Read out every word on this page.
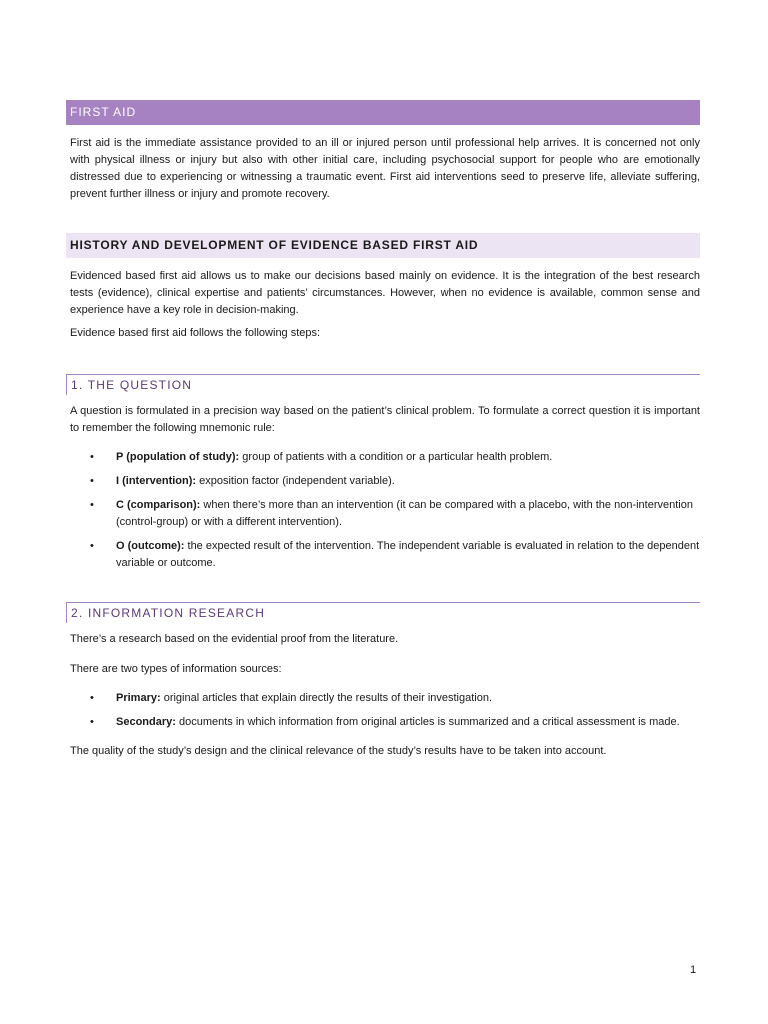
FIRST AID

First aid is the immediate assistance provided to an ill or injured person until professional help arrives. It is concerned not only with physical illness or injury but also with other initial care, including psychosocial support for people who are emotionally distressed due to experiencing or witnessing a traumatic event. First aid interventions seed to preserve life, alleviate suffering, prevent further illness or injury and promote recovery.

HISTORY AND DEVELOPMENT OF EVIDENCE BASED FIRST AID

Evidenced based first aid allows us to make our decisions based mainly on evidence. It is the integration of the best research tests (evidence), clinical expertise and patients’ circumstances. However, when no evidence is available, common sense and experience have a key role in decision-making.

Evidence based first aid follows the following steps:

1. THE QUESTION

A question is formulated in a precision way based on the patient’s clinical problem. To formulate a correct question it is important to remember the following mnemonic rule:

• P (population of study): group of patients with a condition or a particular health problem.
• I (intervention): exposition factor (independent variable).
• C (comparison): when there’s more than an intervention (it can be compared with a placebo, with the non-intervention (control-group) or with a different intervention).
• O (outcome): the expected result of the intervention. The independent variable is evaluated in relation to the dependent variable or outcome.
2. INFORMATION RESEARCH

There’s a research based on the evidential proof from the literature.

There are two types of information sources:

• Primary: original articles that explain directly the results of their investigation.
• Secondary: documents in which information from original articles is summarized and a critical assessment is made.

The quality of the study’s design and the clinical relevance of the study’s results have to be taken into account.

1
